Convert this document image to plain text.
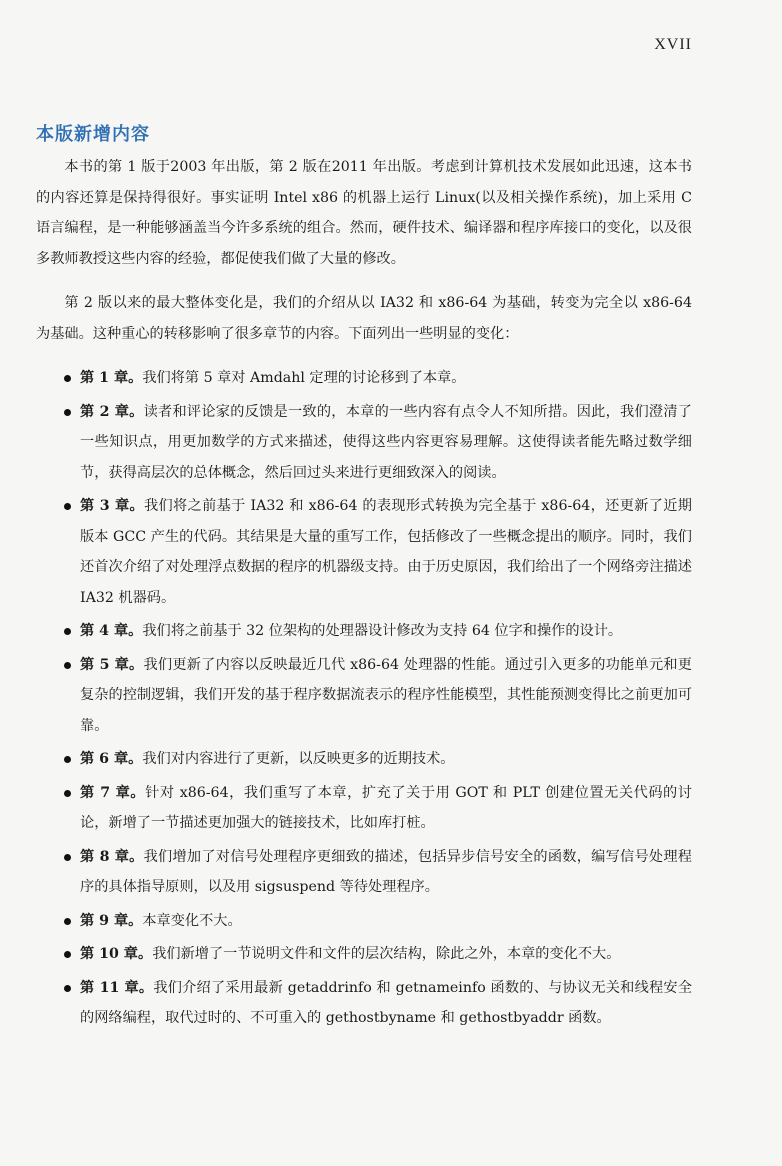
XVII
本版新增内容

本书的第 1 版于2003 年出版，第 2 版在2011 年出版。考虑到计算机技术发展如此迅速，这本书的内容还算是保持得很好。事实证明 Intel x86 的机器上运行 Linux(以及相关操作系统)，加上采用 C 语言编程，是一种能够涵盖当今许多系统的组合。然而，硬件技术、编译器和程序库接口的变化，以及很多教师教授这些内容的经验，都促使我们做了大量的修改。

第 2 版以来的最大整体变化是，我们的介绍从以 IA32 和 x86-64 为基础，转变为完全以 x86-64 为基础。这种重心的转移影响了很多章节的内容。下面列出一些明显的变化：

第 1 章。我们将第 5 章对 Amdahl 定理的讨论移到了本章。
第 2 章。读者和评论家的反馈是一致的，本章的一些内容有点令人不知所措。因此，我们澄清了一些知识点，用更加数学的方式来描述，使得这些内容更容易理解。这使得读者能先略过数学细节，获得高层次的总体概念，然后回过头来进行更细致深入的阅读。
第 3 章。我们将之前基于 IA32 和 x86-64 的表现形式转换为完全基于 x86-64，还更新了近期版本 GCC 产生的代码。其结果是大量的重写工作，包括修改了一些概念提出的顺序。同时，我们还首次介绍了对处理浮点数据的程序的机器级支持。由于历史原因，我们给出了一个网络旁注描述 IA32 机器码。
第 4 章。我们将之前基于 32 位架构的处理器设计修改为支持 64 位字和操作的设计。
第 5 章。我们更新了内容以反映最近几代 x86-64 处理器的性能。通过引入更多的功能单元和更复杂的控制逻辑，我们开发的基于程序数据流表示的程序性能模型，其性能预测变得比之前更加可靠。
第 6 章。我们对内容进行了更新，以反映更多的近期技术。
第 7 章。针对 x86-64，我们重写了本章，扩充了关于用 GOT 和 PLT 创建位置无关代码的讨论，新增了一节描述更加强大的链接技术，比如库打桩。
第 8 章。我们增加了对信号处理程序更细致的描述，包括异步信号安全的函数，编写信号处理程序的具体指导原则，以及用 sigsuspend 等待处理程序。
第 9 章。本章变化不大。
第 10 章。我们新增了一节说明文件和文件的层次结构，除此之外，本章的变化不大。
第 11 章。我们介绍了采用最新 getaddrinfo 和 getnameinfo 函数的、与协议无关和线程安全的网络编程，取代过时的、不可重入的 gethostbyname 和 gethostbyaddr 函数。
